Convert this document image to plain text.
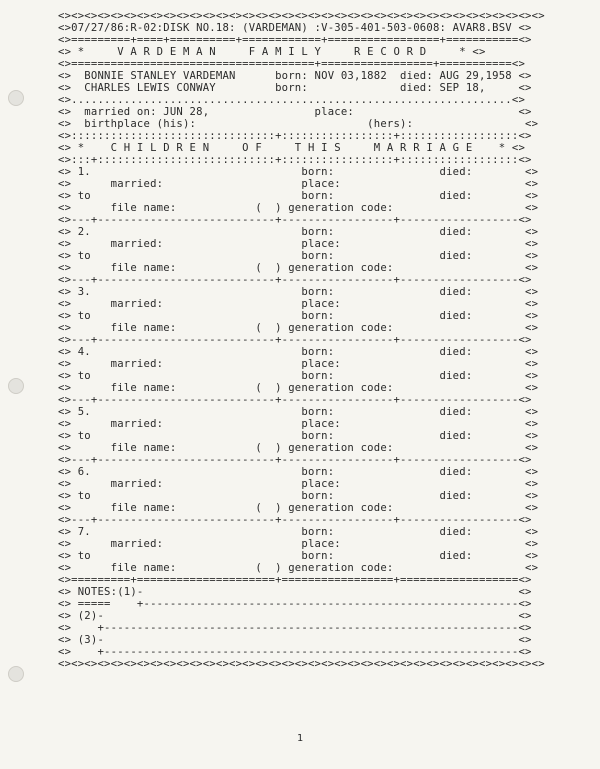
<><><><><><><><><><><><><><><><><><><><><><><><><><><><><><><><><><><><><>
<>07/27/86:R-02:DISK NO.18: (VARDEMAN) :V-305-401-503-0608: AVAR8.BSV <>
<>=========+====+==========+============+=================+===========<>
<> *     V A R D E M A N     F A M I L Y     R E C O R D     * <>
<>=====================================+=================+===========<>
<>  BONNIE STANLEY VARDEMAN      born: NOV 03,1882  died: AUG 29,1958 <>
<>  CHARLES LEWIS CONWAY         born:              died: SEP 18,     <>
<>...................................................................<>
<>  married on: JUN 28,                place:                         <>
<>  birthplace (his):                          (hers):                 <>
<>:::::::::::::::::::::::::::::::+:::::::::::::::::+::::::::::::::::::<>
<> *    C H I L D R E N     O F     T H I S     M A R R I A G E    * <>
<>:::+:::::::::::::::::::::::::::+:::::::::::::::::+::::::::::::::::::<>
<> 1.                                born:                died:        <>
<>      married:                     place:                            <>
<> to                                born:                died:        <>
<>      file name:            (  ) generation code:                    <>
<>---+---------------------------+-----------------+------------------<>
<> 2.                                born:                died:        <>
<>      married:                     place:                            <>
<> to                                born:                died:        <>
<>      file name:            (  ) generation code:                    <>
<>---+---------------------------+-----------------+------------------<>
<> 3.                                born:                died:        <>
<>      married:                     place:                            <>
<> to                                born:                died:        <>
<>      file name:            (  ) generation code:                    <>
<>---+---------------------------+-----------------+------------------<>
<> 4.                                born:                died:        <>
<>      married:                     place:                            <>
<> to                                born:                died:        <>
<>      file name:            (  ) generation code:                    <>
<>---+---------------------------+-----------------+------------------<>
<> 5.                                born:                died:        <>
<>      married:                     place:                            <>
<> to                                born:                died:        <>
<>      file name:            (  ) generation code:                    <>
<>---+---------------------------+-----------------+------------------<>
<> 6.                                born:                died:        <>
<>      married:                     place:                            <>
<> to                                born:                died:        <>
<>      file name:            (  ) generation code:                    <>
<>---+---------------------------+-----------------+------------------<>
<> 7.                                born:                died:        <>
<>      married:                     place:                            <>
<> to                                born:                died:        <>
<>      file name:            (  ) generation code:                    <>
<>=========+=====================+=================+==================<>
<> NOTES:(1)-                                                         <>
<> =====    +---------------------------------------------------------<>
<> (2)-                                                               <>
<>    +---------------------------------------------------------------<>
<> (3)-                                                               <>
<>    +---------------------------------------------------------------<>
<><><><><><><><><><><><><><><><><><><><><><><><><><><><><><><><><><><><><>
1
